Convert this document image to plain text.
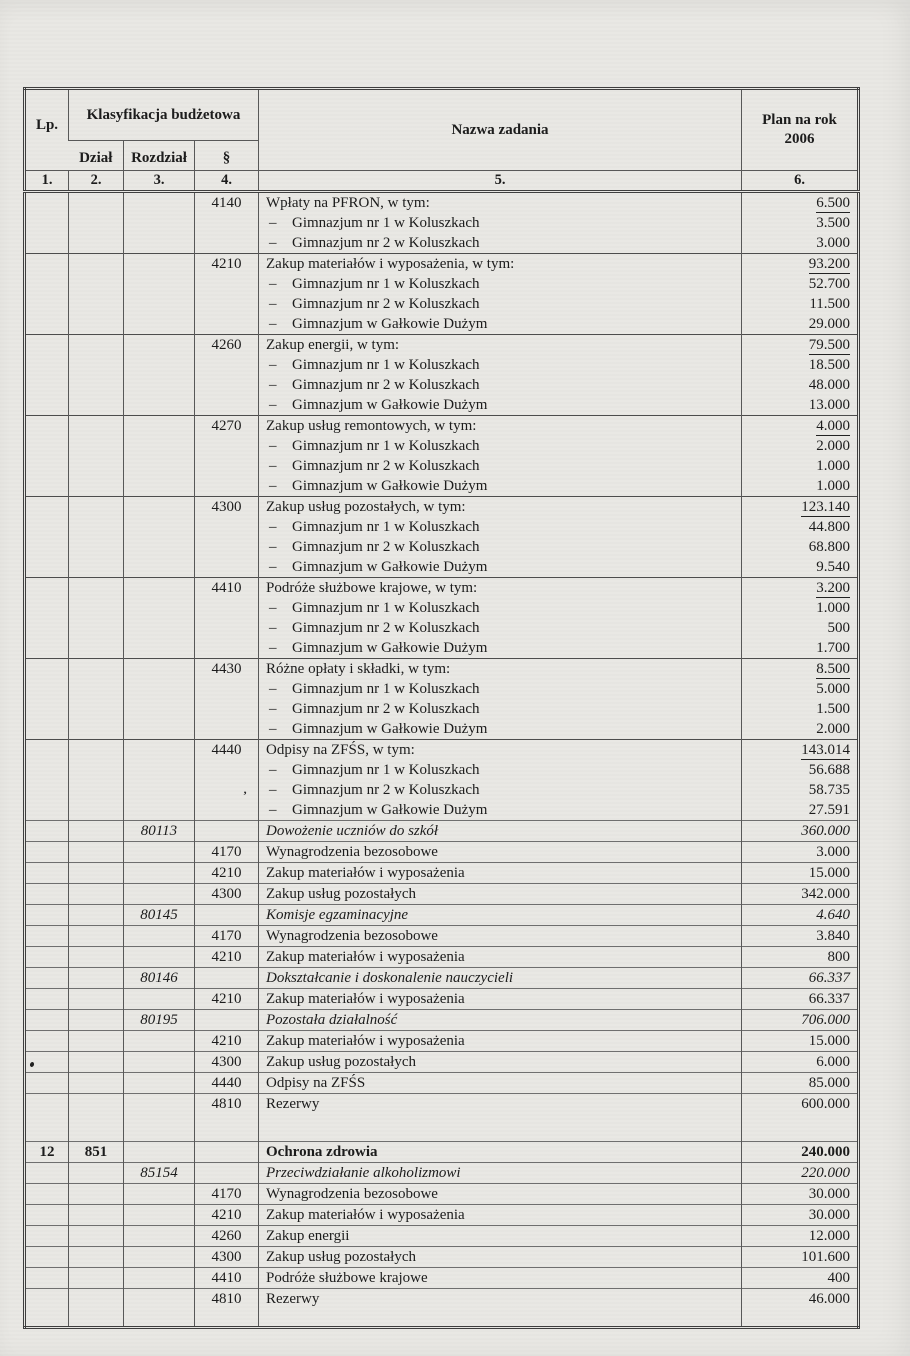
Lp.	Klasyfikacja budżetowa			Nazwa zadania	Plan na rok
2006

	Dział	Rozdział	§		
1.	2.	3.	4.	5.	6.
			4140	Wpłaty na PFRON, w tym:	6.500
				– Gimnazjum nr 1 w Koluszkach	3.500
				– Gimnazjum nr 2 w Koluszkach	3.000
			4210	Zakup materiałów i wyposażenia, w tym:	93.200
				– Gimnazjum nr 1 w Koluszkach	52.700
				– Gimnazjum nr 2 w Koluszkach	11.500
				– Gimnazjum w Gałkowie Dużym	29.000
			4260	Zakup energii, w tym:	79.500
				– Gimnazjum nr 1 w Koluszkach	18.500
				– Gimnazjum nr 2 w Koluszkach	48.000
				– Gimnazjum w Gałkowie Dużym	13.000
			4270	Zakup usług remontowych, w tym:	4.000
				– Gimnazjum nr 1 w Koluszkach	2.000
				– Gimnazjum nr 2 w Koluszkach	1.000
				– Gimnazjum w Gałkowie Dużym	1.000
			4300	Zakup usług pozostałych, w tym:	123.140
				– Gimnazjum nr 1 w Koluszkach	44.800
				– Gimnazjum nr 2 w Koluszkach	68.800
				– Gimnazjum w Gałkowie Dużym	9.540
			4410	Podróże służbowe krajowe, w tym:	3.200
				– Gimnazjum nr 1 w Koluszkach	1.000
				– Gimnazjum nr 2 w Koluszkach	500
				– Gimnazjum w Gałkowie Dużym	1.700
			4430	Różne opłaty i składki, w tym:	8.500
				– Gimnazjum nr 1 w Koluszkach	5.000
				– Gimnazjum nr 2 w Koluszkach	1.500
				– Gimnazjum w Gałkowie Dużym	2.000
			4440	Odpisy na ZFŚS, w tym:	143.014
				– Gimnazjum nr 1 w Koluszkach	56.688
				– Gimnazjum nr 2 w Koluszkach	58.735
				– Gimnazjum w Gałkowie Dużym	27.591
		80113		Dowożenie uczniów do szkół	360.000
			4170	Wynagrodzenia bezosobowe	3.000
			4210	Zakup materiałów i wyposażenia	15.000
			4300	Zakup usług pozostałych	342.000
		80145		Komisje egzaminacyjne	4.640
			4170	Wynagrodzenia bezosobowe	3.840
			4210	Zakup materiałów i wyposażenia	800
		80146		Dokształcanie i doskonalenie nauczycieli	66.337
			4210	Zakup materiałów i wyposażenia	66.337
		80195		Pozostała działalność	706.000
			4210	Zakup materiałów i wyposażenia	15.000
			4300	Zakup usług pozostałych	6.000
			4440	Odpisy na ZFŚS	85.000
			4810	Rezerwy	600.000

12	851			Ochrona zdrowia	240.000
		85154		Przeciwdziałanie alkoholizmowi	220.000
			4170	Wynagrodzenia bezosobowe	30.000
			4210	Zakup materiałów i wyposażenia	30.000
			4260	Zakup energii	12.000
			4300	Zakup usług pozostałych	101.600
			4410	Podróże służbowe krajowe	400
			4810	Rezerwy	46.000

’
